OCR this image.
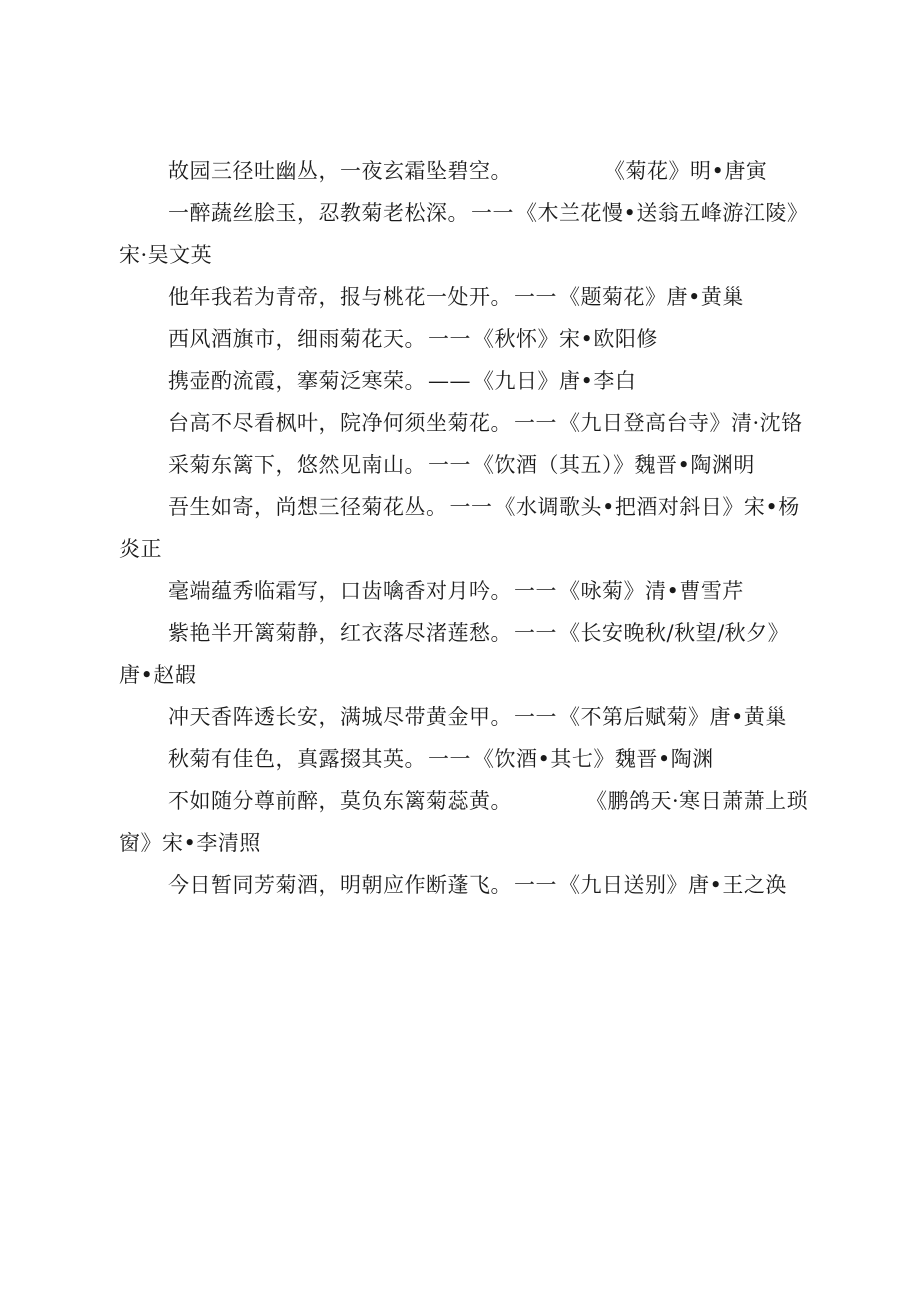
故园三径吐幽丛，一夜玄霜坠碧空。	《菊花》明•唐寅
一醉蔬丝脍玉，忍教菊老松深。一一《木兰花慢•送翁五峰游江陵》宋·吴文英
他年我若为青帝，报与桃花一处开。一一《题菊花》唐•黄巢
西风酒旗市，细雨菊花天。一一《秋怀》宋•欧阳修
携壶酌流霞，搴菊泛寒荣。——《九日》唐•李白
台高不尽看枫叶，院净何须坐菊花。一一《九日登高台寺》清·沈铬
采菊东篱下，悠然见南山。一一《饮酒（其五）》魏晋•陶渊明
吾生如寄，尚想三径菊花丛。一一《水调歌头•把酒对斜日》宋•杨炎正
毫端蕴秀临霜写，口齿噙香对月吟。一一《咏菊》清•曹雪芹
紫艳半开篱菊静，红衣落尽渚莲愁。一一《长安晚秋/秋望/秋夕》唐•赵嘏
冲天香阵透长安，满城尽带黄金甲。一一《不第后赋菊》唐•黄巢
秋菊有佳色，真露掇其英。一一《饮酒•其七》魏晋•陶渊
不如随分尊前醉，莫负东篱菊蕊黄。	《鹏鸽天·寒日萧萧上琐窗》宋•李清照
今日暂同芳菊酒，明朝应作断蓬飞。一一《九日送别》唐•王之涣
